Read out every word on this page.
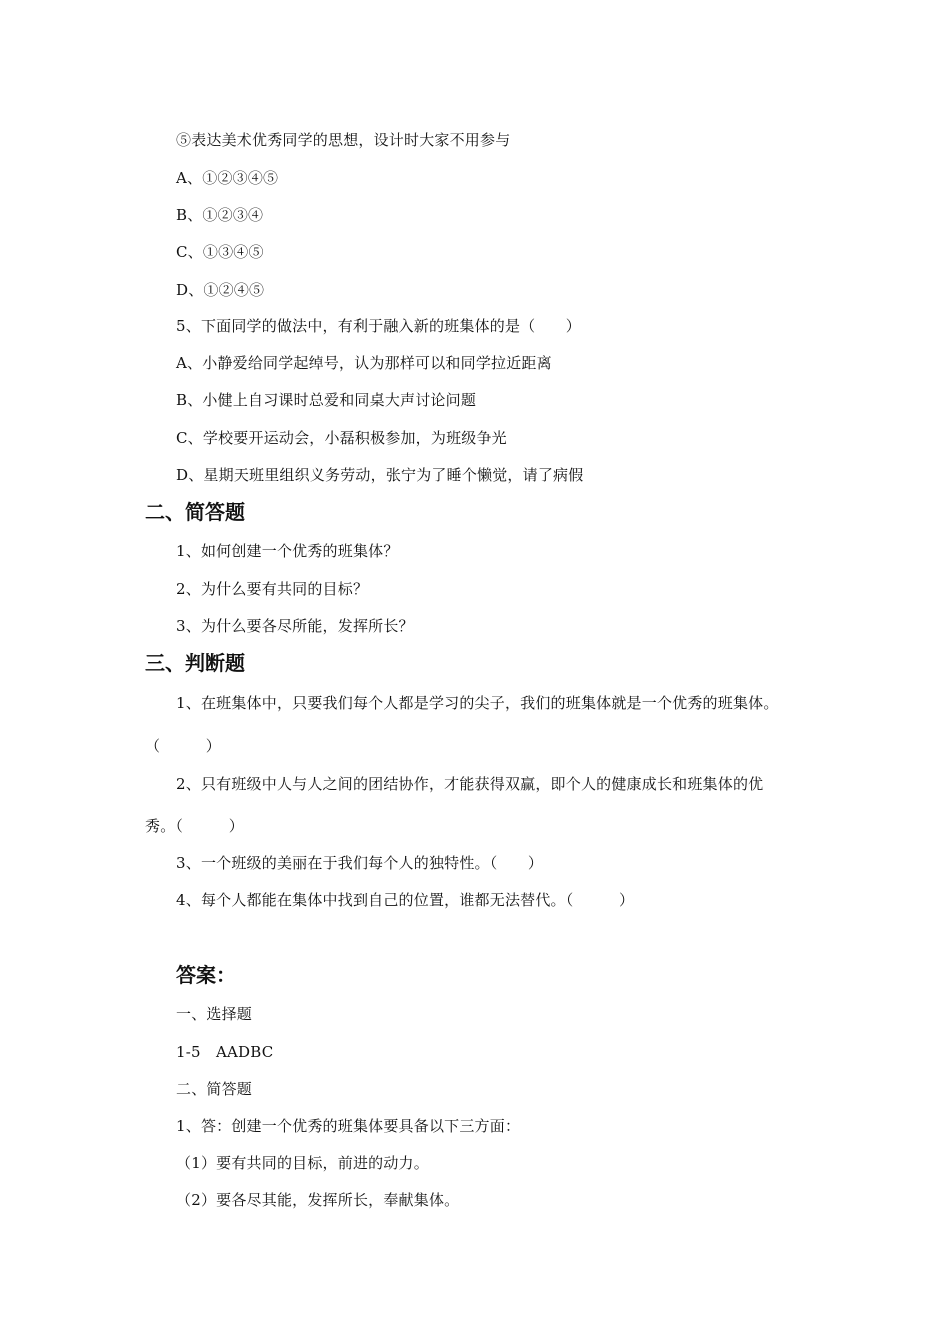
⑤表达美术优秀同学的思想，设计时大家不用参与
A、①②③④⑤
B、①②③④
C、①③④⑤
D、①②④⑤
5、下面同学的做法中，有利于融入新的班集体的是（　　）
A、小静爱给同学起绰号，认为那样可以和同学拉近距离
B、小健上自习课时总爱和同桌大声讨论问题
C、学校要开运动会，小磊积极参加，为班级争光
D、星期天班里组织义务劳动，张宁为了睡个懒觉，请了病假
二、简答题
1、如何创建一个优秀的班集体？
2、为什么要有共同的目标？
3、为什么要各尽所能，发挥所长？
三、判断题
1、在班集体中，只要我们每个人都是学习的尖子，我们的班集体就是一个优秀的班集体。
（　　　）
2、只有班级中人与人之间的团结协作，才能获得双赢，即个人的健康成长和班集体的优
秀。（　　　）
3、一个班级的美丽在于我们每个人的独特性。（　　）
4、每个人都能在集体中找到自己的位置，谁都无法替代。（　　　）
答案：
一、选择题
1-5　AADBC
二、简答题
1、答：创建一个优秀的班集体要具备以下三方面：
（1）要有共同的目标，前进的动力。
（2）要各尽其能，发挥所长，奉献集体。
